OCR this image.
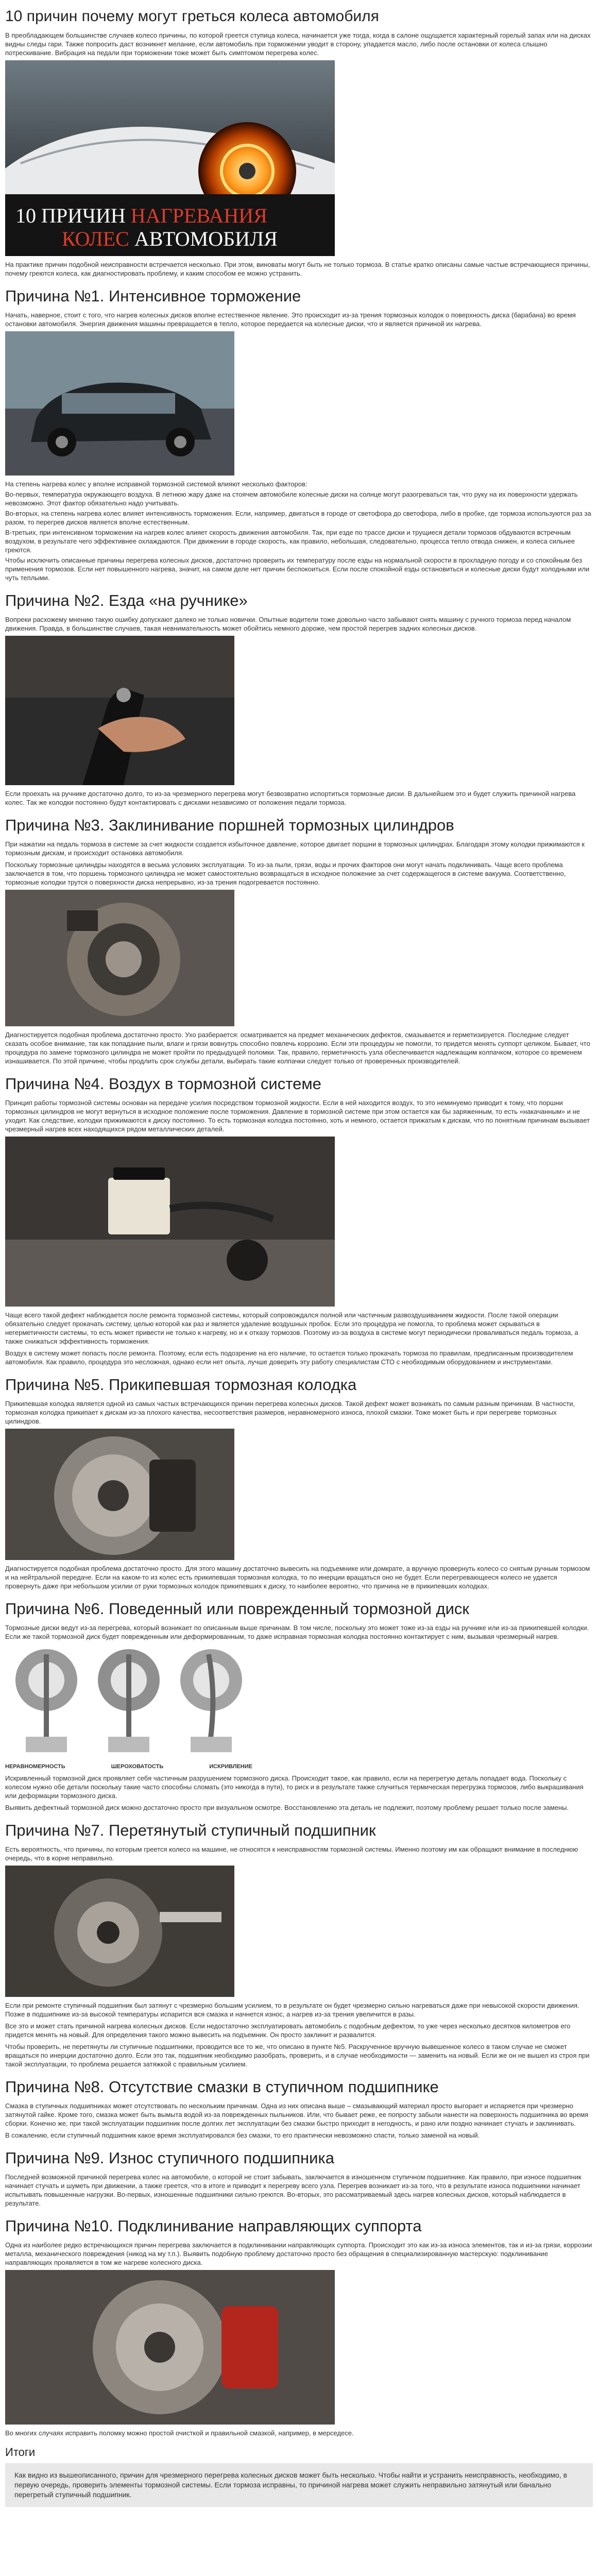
10 причин почему могут греться колеса автомобиля

В преобладающем большинстве случаев колесо причины, по которой греется ступица колеса, начинается уже тогда, когда в салоне ощущается характерный горелый запах или на дисках видны следы гари. Также попросить даст возникнет мелание, если автомобиль при торможении уводит в сторону, упадается масло, либо после остановки от колеса слышно потрескивание. Вибрация на педали при торможении тоже может быть симптомом перегрева колес.

10 ПРИЧИН НАГРЕВАНИЯ
КОЛЕС АВТОМОБИЛЯ

На практике причин подобной неисправности встречается несколько. При этом, виноваты могут быть не только тормоза. В статье кратко описаны самые частые встречающиеся причины, почему греются колеса, как диагностировать проблему, и каким способом ее можно устранить.

Причина №1. Интенсивное торможение

Начать, наверное, стоит с того, что нагрев колесных дисков вполне естественное явление. Это происходит из-за трения тормозных колодок о поверхность диска (барабана) во время остановки автомобиля. Энергия движения машины превращается в тепло, которое передается на колесные диски, что и является причиной их нагрева.

На степень нагрева колес у вполне исправной тормозной системой влияют несколько факторов:

Во-первых, температура окружающего воздуха. В летнюю жару даже на стоячем автомобиле колесные диски на солнце могут разогреваться так, что руку на их поверхности удержать невозможно. Этот фактор обязательно надо учитывать.

Во-вторых, на степень нагрева колес влияет интенсивность торможения. Если, например, двигаться в городе от светофора до светофора, либо в пробке, где тормоза используются раз за разом, то перегрев дисков является вполне естественным.

В-третьих, при интенсивном торможении на нагрев колес влияет скорость движения автомобиля. Так, при езде по трассе диски и трущиеся детали тормозов обдуваются встречным воздухом, в результате чего эффективнее охлаждаются. При движении в городе скорость, как правило, небольшая, следовательно, процесса тепло отвода снижен, и колеса сильнее греются.

Чтобы исключить описанные причины перегрева колесных дисков, достаточно проверить их температуру после езды на нормальной скорости в прохладную погоду и со спокойным без применения тормозов. Если нет повышенного нагрева, значит, на самом деле нет причин беспокоиться. Если после спокойной езды остановиться и колесные диски будут холодными или чуть теплыми.

Причина №2. Езда «на ручнике»

Вопреки расхожему мнению такую ошибку допускают далеко не только новички. Опытные водители тоже довольно часто забывают снять машину с ручного тормоза перед началом движения. Правда, в большинстве случаев, такая невнимательность может обойтись немного дороже, чем простой перегрев задних колесных дисков.

Если проехать на ручнике достаточно долго, то из-за чрезмерного перегрева могут безвозвратно испортиться тормозные диски. В дальнейшем это и будет служить причиной нагрева колес. Так же колодки постоянно будут контактировать с дисками независимо от положения педали тормоза.

Причина №3. Заклинивание поршней тормозных цилиндров

При нажатии на педаль тормоза в системе за счет жидкости создается избыточное давление, которое двигает поршни в тормозных цилиндрах. Благодаря этому колодки прижимаются к тормозным дискам, и происходит остановка автомобиля.

Поскольку тормозные цилиндры находятся в весьма условиях эксплуатации. То из-за пыли, грязи, воды и прочих факторов они могут начать подклинивать. Чаще всего проблема заключается в том, что поршень тормозного цилиндра не может самостоятельно возвращаться в исходное положение за счет содержащегося в системе вакуума. Соответственно, тормозные колодки трутся о поверхности диска непрерывно, из-за трения подогревается постоянно.

Диагностируется подобная проблема достаточно просто. Ухо разберается: осматривается на предмет механических дефектов, смазывается и герметизируется. Последние следует сказать особое внимание, так как попадание пыли, влаги и грязи вовнутрь способно повлечь коррозию. Если эти процедуры не помогли, то придется менять суппорт целиком. Бывает, что процедура по замене тормозного цилиндра не может пройти по предыдущей поломки. Так, правило, герметичность узла обеспечивается надлежащим колпачком, которое со временем изнашивается. По этой причине, чтобы продлить срок службы детали, выбирать такие колпачки следует только от проверенных производителей.

Причина №4. Воздух в тормозной системе

Принцип работы тормозной системы основан на передаче усилия посредством тормозной жидкости. Если в ней находится воздух, то это неминуемо приводит к тому, что поршни тормозных цилиндров не могут вернуться в исходное положение после торможения. Давление в тормозной системе при этом остается как бы заряженным, то есть «накачанным» и не уходит. Как следствие, колодки прижимаются к диску постоянно. То есть тормозная колодка постоянно, хоть и немного, остается прижатым к дискам, что по понятным причинам вызывает чрезмерный нагрев всех находящихся рядом металлических деталей.

Чаще всего такой дефект наблюдается после ремонта тормозной системы, который сопровождался полной или частичным развоздушиванием жидкости. После такой операции обязательно следует прокачать систему, целью которой как раз и является удаление воздушных пробок. Если это процедура не помогла, то проблема может скрываться в негерметичности системы, то есть может привести не только к нагреву, но и к отказу тормозов. Поэтому из-за воздуха в системе могут периодически проваливаться педаль тормоза, а также снижаться эффективность торможения.

Воздух в систему может попасть после ремонта. Поэтому, если есть подозрение на его наличие, то остается только прокачать тормоза по правилам, предписанным производителем автомобиля. Как правило, процедура это несложная, однако если нет опыта, лучше доверить эту работу специалистам СТО с необходимым оборудованием и инструментами.

Причина №5. Прикипевшая тормозная колодка

Прикипевшая колодка является одной из самых частых встречающихся причин перегрева колесных дисков. Такой дефект может возникать по самым разным причинам. В частности, тормозная колодка прикипает к дискам из-за плохого качества, несоответствия размеров, неравномерного износа, плохой смазки. Тоже может быть и при перегреве тормозных цилиндров.

Диагностируется подобная проблема достаточно просто. Для этого машину достаточно вывесить на подъемнике или домкрате, а вручную провернуть колесо со снятым ручным тормозом и на нейтральной передаче. Если на каком-то из колес есть прикипевшая тормозная колодка, то по инерции вращаться оно не будет. Если перегревающееся колесо не удается провернуть даже при небольшом усилии от руки тормозных колодок прикипевших к диску, то наиболее вероятно, что причина не в прикипевших колодках.

Причина №6. Поведенный или поврежденный тормозной диск

Тормозные диски ведут из-за перегрева, который возникает по описанным выше причинам. В том числе, поскольку это может тоже из-за езды на ручнике или из-за прикипевшей колодки. Если же такой тормозной диск будет поврежденным или деформированным, то даже исправная тормозная колодка постоянно контактирует с ним, вызывая чрезмерный нагрев.

НЕРАВНОМЕРНОСТЬ	ШЕРОХОВАТОСТЬ	ИСКРИВЛЕНИЕ

Искривленный тормозной диск проявляет себя частичным разрушением тормозного диска. Происходит такое, как правило, если на перегретую деталь попадает вода. Поскольку с колесом нужно обе детали поскольку такие часто способны сломать (это никогда в пути), то риск и в результате также случиться термическая перегрузка тормозов, либо выкрашивания или деформации тормозного диска.

Выявить дефектный тормозной диск можно достаточно просто при визуальном осмотре. Восстановлению эта деталь не подлежит, поэтому проблему решает только после замены.

Причина №7. Перетянутый ступичный подшипник

Есть вероятность, что причины, по которым греется колесо на машине, не относятся к неисправностям тормозной системы. Именно поэтому им как обращают внимание в последнюю очередь, что в корне неправильно.

Если при ремонте ступичный подшипник был затянут с чрезмерно большим усилием, то в результате он будет чрезмерно сильно нагреваться даже при невысокой скорости движения. Позже в подшипнике из-за высокой температуры испарится вся смазка и начнется износ, а нагрев из-за трения увеличится в разы.

Все это и может стать причиной нагрева колесных дисков. Если недостаточно эксплуатировать автомобиль с подобным дефектом, то уже через несколько десятков километров его придется менять на новый. Для определения такого можно вывесить на подъемник. Он просто заклинит и развалится.

Чтобы проверить, не перетянуты ли ступичные подшипники, проводится все то же, что описано в пункте №5. Раскрученное вручную вывешенное колесо в таком случае не сможет вращаться по инерции достаточно долго. Если это так, подшипник необходимо разобрать, проверить, и в случае необходимости — заменить на новый. Если же он не вышел из строя при такой эксплуатации, то проблема решается затяжкой с правильным усилием.

Причина №8. Отсутствие смазки в ступичном подшипнике

Смазка в ступичных подшипниках может отсутствовать по нескольким причинам. Одна из них описана выше – смазывающий материал просто выгорает и испаряется при чрезмерно затянутой гайке. Кроме того, смазка может быть вымыта водой из-за поврежденных пыльников. Или, что бывает реже, ее попросту забыли нанести на поверхность подшипника во время сборки. Конечно же, при такой эксплуатации подшипник после долгих лет эксплуатации без смазки быстро приходит в негодность, и рано или поздно начинает стучать и заклинивать.

В сожалению, если ступичный подшипник какое время эксплуатировался без смазки, то его практически невозможно спасти, только заменой на новый.

Причина №9. Износ ступичного подшипника

Последней возможной причиной перегрева колес на автомобиле, о которой не стоит забывать, заключается в изношенном ступичном подшипнике. Как правило, при износе подшипник начинает стучать и шуметь при движении, а также греется, что в итоге и приводит к перегреву всего узла. Перегрев возникает из-за того, что в результате износа подшипники начинает испытывать повышенные нагрузки. Во-первых, изношенные подшипники сильно греются. Во-вторых, это рассматриваемый здесь нагрев колесных дисков, который наблюдается в результате.

Причина №10. Подклинивание направляющих суппорта

Одна из наиболее редко встречающихся причин перегрева заключается в подклинивании направляющих суппорта. Происходит это как из-за износа элементов, так и из-за грязи, коррозии металла, механического повреждения (никод на му т.п.). Выявить подобную проблему достаточно просто без обращения в специализированную мастерскую: подклинивание направляющих проявляется в том же нагреве колесного диска.

Во многих случаях исправить поломку можно простой очисткой и правильной смазкой, например, в мерседесе.

Итоги
Как видно из вышеописанного, причин для чрезмерного перегрева колесных дисков может быть несколько. Чтобы найти и устранить неисправность, необходимо, в первую очередь, проверить элементы тормозной системы. Если тормоза исправны, то причиной нагрева может служить неправильно затянутый или банально перегретый ступичный подшипник.
